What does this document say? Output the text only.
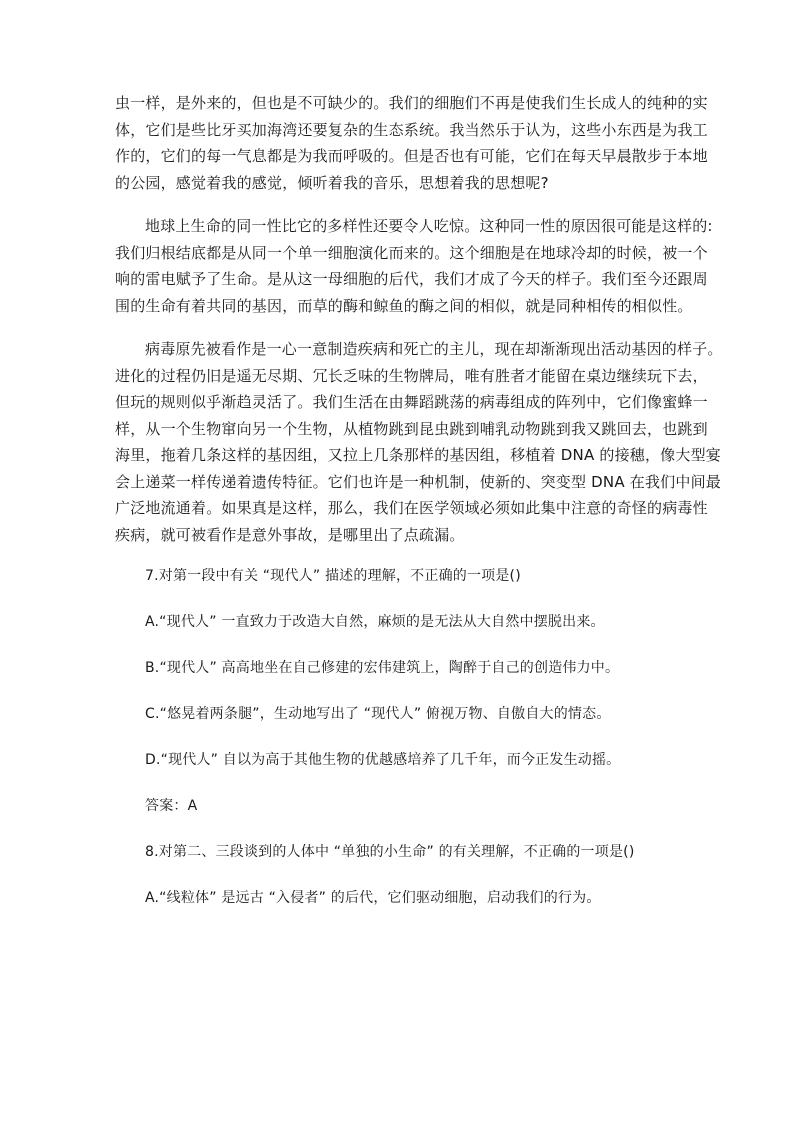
虫一样，是外来的，但也是不可缺少的。我们的细胞们不再是使我们生长成人的纯种的实
体，它们是些比牙买加海湾还要复杂的生态系统。我当然乐于认为，这些小东西是为我工
作的，它们的每一气息都是为我而呼吸的。但是否也有可能，它们在每天早晨散步于本地
的公园，感觉着我的感觉，倾听着我的音乐，思想着我的思想呢?
地球上生命的同一性比它的多样性还要令人吃惊。这种同一性的原因很可能是这样的:
我们归根结底都是从同一个单一细胞演化而来的。这个细胞是在地球冷却的时候，被一个
响的雷电赋予了生命。是从这一母细胞的后代，我们才成了今天的样子。我们至今还跟周
围的生命有着共同的基因，而草的酶和鲸鱼的酶之间的相似，就是同种相传的相似性。
病毒原先被看作是一心一意制造疾病和死亡的主儿，现在却渐渐现出活动基因的样子。
进化的过程仍旧是遥无尽期、冗长乏味的生物牌局，唯有胜者才能留在桌边继续玩下去，
但玩的规则似乎渐趋灵活了。我们生活在由舞蹈跳荡的病毒组成的阵列中，它们像蜜蜂一
样，从一个生物窜向另一个生物，从植物跳到昆虫跳到哺乳动物跳到我又跳回去，也跳到
海里，拖着几条这样的基因组，又拉上几条那样的基因组，移植着 DNA 的接穗，像大型宴
会上递菜一样传递着遗传特征。它们也许是一种机制，使新的、突变型 DNA 在我们中间最
广泛地流通着。如果真是这样，那么，我们在医学领域必须如此集中注意的奇怪的病毒性
疾病，就可被看作是意外事故，是哪里出了点疏漏。

7.对第一段中有关 “现代人” 描述的理解，不正确的一项是()

A.“现代人” 一直致力于改造大自然，麻烦的是无法从大自然中摆脱出来。

B.“现代人” 高高地坐在自己修建的宏伟建筑上，陶醉于自己的创造伟力中。

C.“悠晃着两条腿”，生动地写出了 “现代人” 俯视万物、自傲自大的情态。

D.“现代人” 自以为高于其他生物的优越感培养了几千年，而今正发生动摇。

答案：A

8.对第二、三段谈到的人体中 “单独的小生命” 的有关理解，不正确的一项是()

A.“线粒体” 是远古 “入侵者” 的后代，它们驱动细胞，启动我们的行为。
